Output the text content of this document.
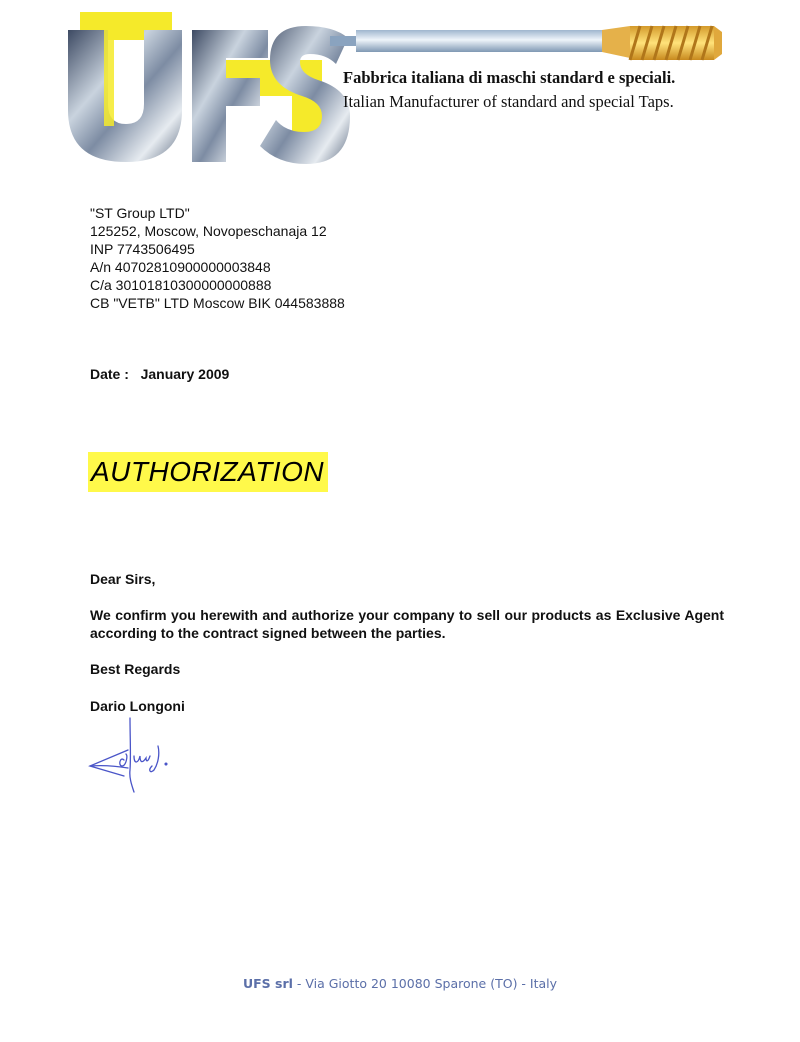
Fabbrica italiana di maschi standard e speciali.
Italian Manufacturer of standard and special Taps.
"ST Group LTD"
125252, Moscow, Novopeschanaja 12
INP 7743506495
A/n 40702810900000003848
C/a 30101810300000000888
CB "VETB" LTD Moscow BIK 044583888
Date : January 2009
AUTHORIZATION
Dear Sirs,
We confirm you herewith and authorize your company to sell our products as Exclusive Agent according to the contract signed between the parties.
Best Regards
Dario Longoni
UFS srl - Via Giotto 20 10080 Sparone (TO) - Italy
